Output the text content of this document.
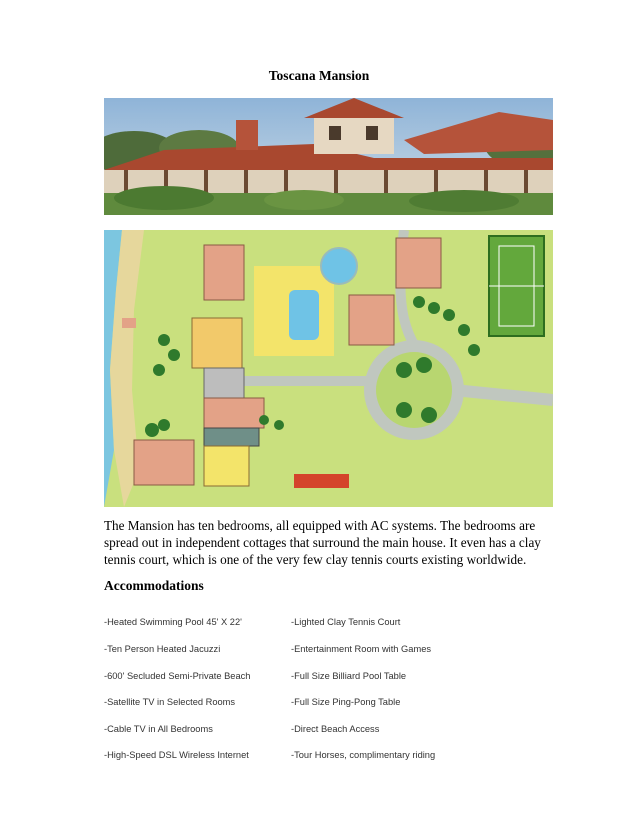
Toscana Mansion
The Mansion has ten bedrooms, all equipped with AC systems. The bedrooms are spread out in independent cottages that surround the main house. It even has a clay tennis court, which is one of the very few clay tennis courts existing worldwide.
Accommodations
-Heated Swimming Pool 45' X 22'
-Ten Person Heated Jacuzzi
-600' Secluded Semi-Private Beach
-Satellite TV in Selected Rooms
-Cable TV in All Bedrooms
-High-Speed DSL Wireless Internet
-Lighted Clay Tennis Court
-Entertainment Room with Games
-Full Size Billiard Pool Table
-Full Size Ping-Pong Table
-Direct Beach Access
-Tour Horses, complimentary riding
